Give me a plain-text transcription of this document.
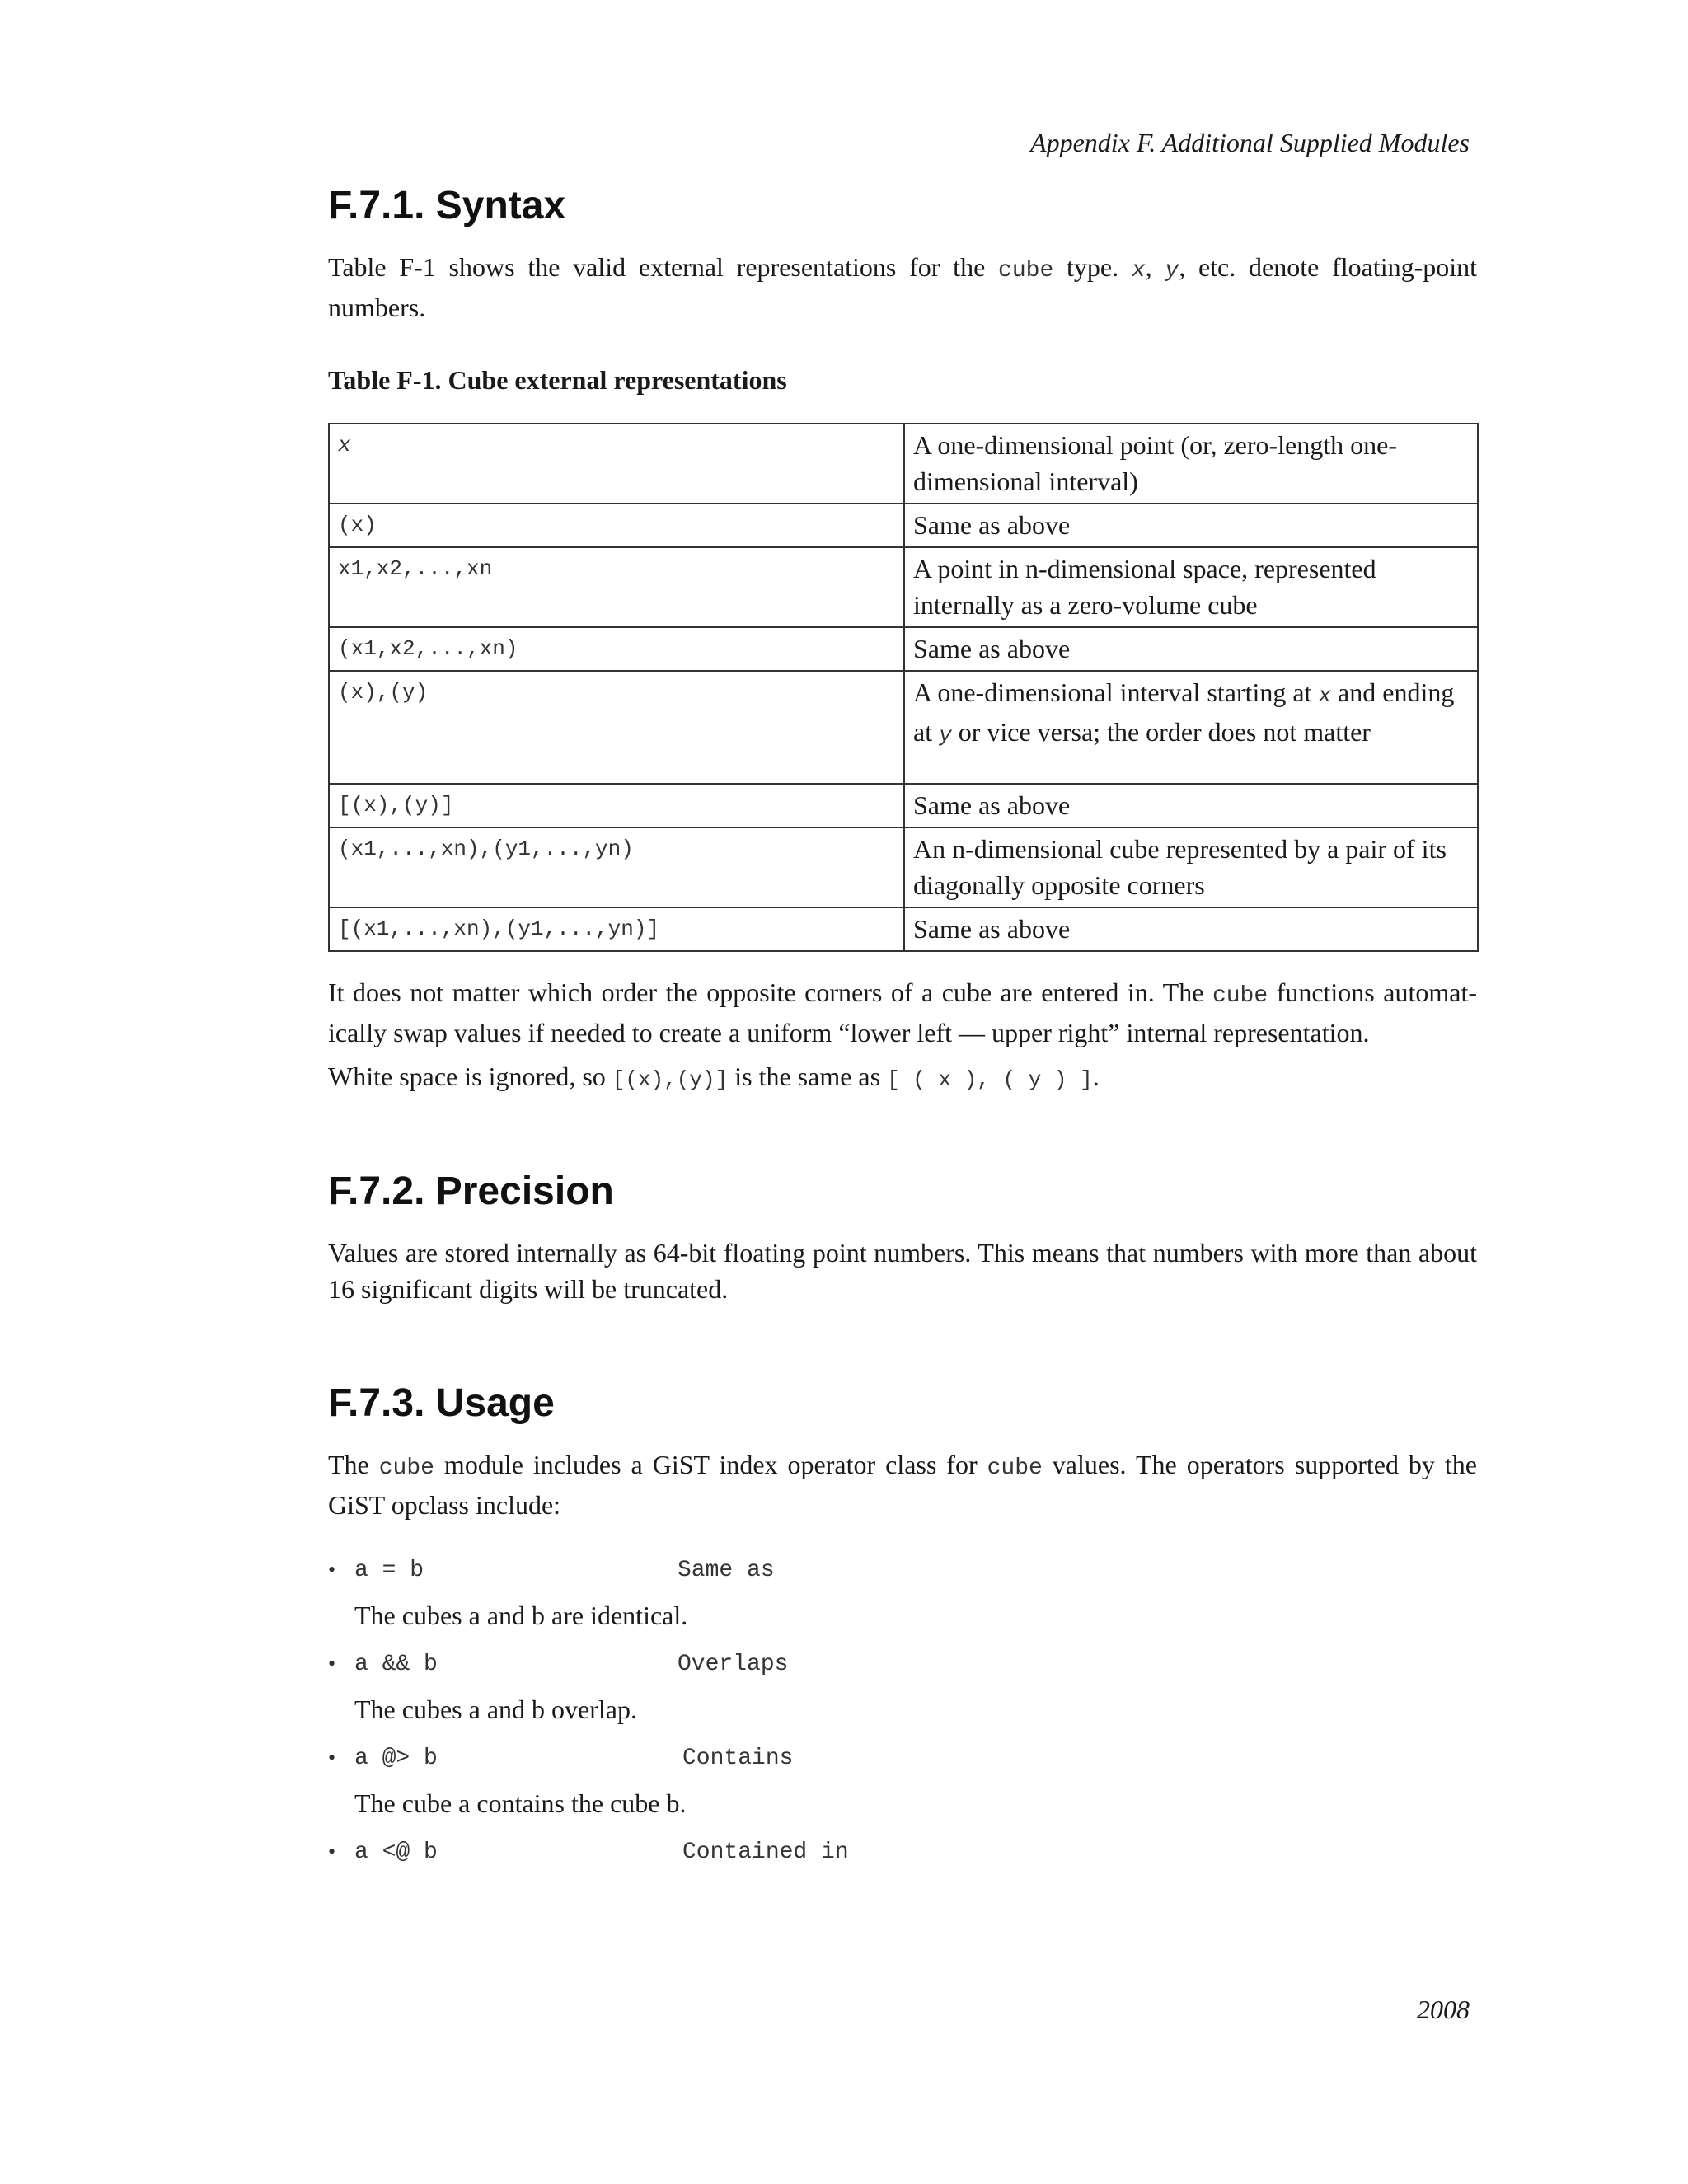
Appendix F. Additional Supplied Modules
F.7.1. Syntax

Table F-1 shows the valid external representations for the cube type. x, y, etc. denote floating-point numbers.

Table F-1. Cube external representations

x	A one-dimensional point (or, zero-length one-dimensional interval)
(x)	Same as above
x1,x2,...,xn	A point in n-dimensional space, represented internally as a zero-volume cube
(x1,x2,...,xn)	Same as above
(x),(y)	A one-dimensional interval starting at x and ending at y or vice versa; the order does not matter
[(x),(y)]	Same as above
(x1,...,xn),(y1,...,yn)	An n-dimensional cube represented by a pair of its diagonally opposite corners
[(x1,...,xn),(y1,...,yn)]	Same as above

It does not matter which order the opposite corners of a cube are entered in. The cube functions automat-ically swap values if needed to create a uniform “lower left — upper right” internal representation.

White space is ignored, so [(x),(y)] is the same as [ ( x ), ( y ) ].

F.7.2. Precision

Values are stored internally as 64-bit floating point numbers. This means that numbers with more than about 16 significant digits will be truncated.

F.7.3. Usage

The cube module includes a GiST index operator class for cube values. The operators supported by the GiST opclass include:

• a = b	Same as

The cubes a and b are identical.

• a && b	Overlaps

The cubes a and b overlap.

• a @> b	Contains

The cube a contains the cube b.

• a <@ b	Contained in
2008
